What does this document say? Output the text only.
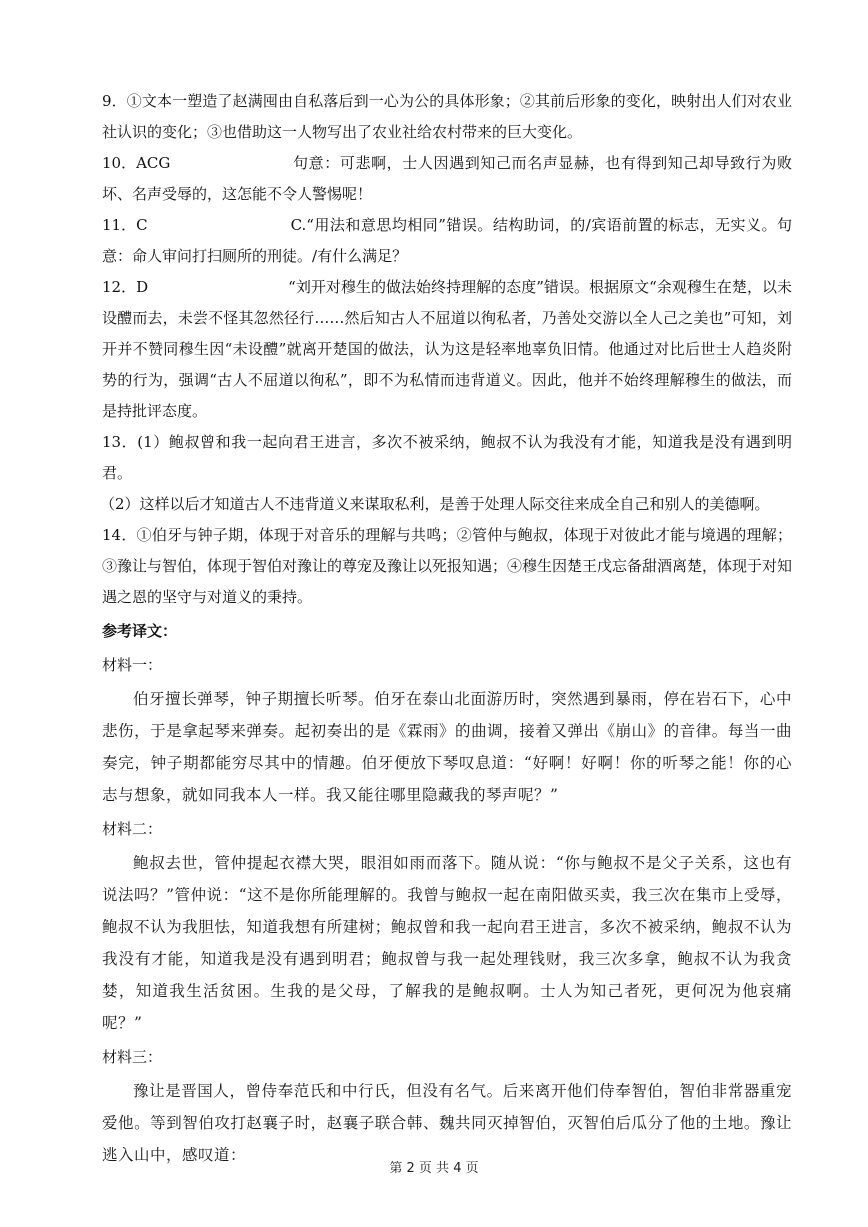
9．①文本一塑造了赵满囤由自私落后到一心为公的具体形象；②其前后形象的变化，映射出人们对农业社认识的变化；③也借助这一人物写出了农业社给农村带来的巨大变化。

10．ACG	句意：可悲啊，士人因遇到知己而名声显赫，也有得到知己却导致行为败坏、名声受辱的，这怎能不令人警惕呢！

11．C	C.“用法和意思均相同”错误。结构助词，的/宾语前置的标志，无实义。句意：命人审问打扫厕所的刑徒。/有什么满足？

12．D	“刘开对穆生的做法始终持理解的态度”错误。根据原文“余观穆生在楚，以未设醴而去，未尝不怪其忽然径行……然后知古人不屈道以徇私者，乃善处交游以全人己之美也”可知，刘开并不赞同穆生因“未设醴”就离开楚国的做法，认为这是轻率地辜负旧情。他通过对比后世士人趋炎附势的行为，强调“古人不屈道以徇私”，即不为私情而违背道义。因此，他并不始终理解穆生的做法，而是持批评态度。

13．(1）鲍叔曾和我一起向君王进言，多次不被采纳，鲍叔不认为我没有才能，知道我是没有遇到明君。

（2）这样以后才知道古人不违背道义来谋取私利，是善于处理人际交往来成全自己和别人的美德啊。

14．①伯牙与钟子期，体现于对音乐的理解与共鸣；②管仲与鲍叔，体现于对彼此才能与境遇的理解；③豫让与智伯，体现于智伯对豫让的尊宠及豫让以死报知遇；④穆生因楚王戊忘备甜酒离楚，体现于对知遇之恩的坚守与对道义的秉持。

参考译文：

材料一：

伯牙擅长弹琴，钟子期擅长听琴。伯牙在泰山北面游历时，突然遇到暴雨，停在岩石下，心中悲伤，于是拿起琴来弹奏。起初奏出的是《霖雨》的曲调，接着又弹出《崩山》的音律。每当一曲奏完，钟子期都能穷尽其中的情趣。伯牙便放下琴叹息道：“好啊！好啊！你的听琴之能！你的心志与想象，就如同我本人一样。我又能往哪里隐藏我的琴声呢？”

材料二：

鲍叔去世，管仲提起衣襟大哭，眼泪如雨而落下。随从说：“你与鲍叔不是父子关系，这也有说法吗？”管仲说：“这不是你所能理解的。我曾与鲍叔一起在南阳做买卖，我三次在集市上受辱，鲍叔不认为我胆怯，知道我想有所建树；鲍叔曾和我一起向君王进言，多次不被采纳，鲍叔不认为我没有才能，知道我是没有遇到明君；鲍叔曾与我一起处理钱财，我三次多拿，鲍叔不认为我贪婪，知道我生活贫困。生我的是父母，了解我的是鲍叔啊。士人为知己者死，更何况为他哀痛呢？”

材料三：

豫让是晋国人，曾侍奉范氏和中行氏，但没有名气。后来离开他们侍奉智伯，智伯非常器重宠爱他。等到智伯攻打赵襄子时，赵襄子联合韩、魏共同灭掉智伯，灭智伯后瓜分了他的土地。豫让逃入山中，感叹道：

第 2 页 共 4 页
